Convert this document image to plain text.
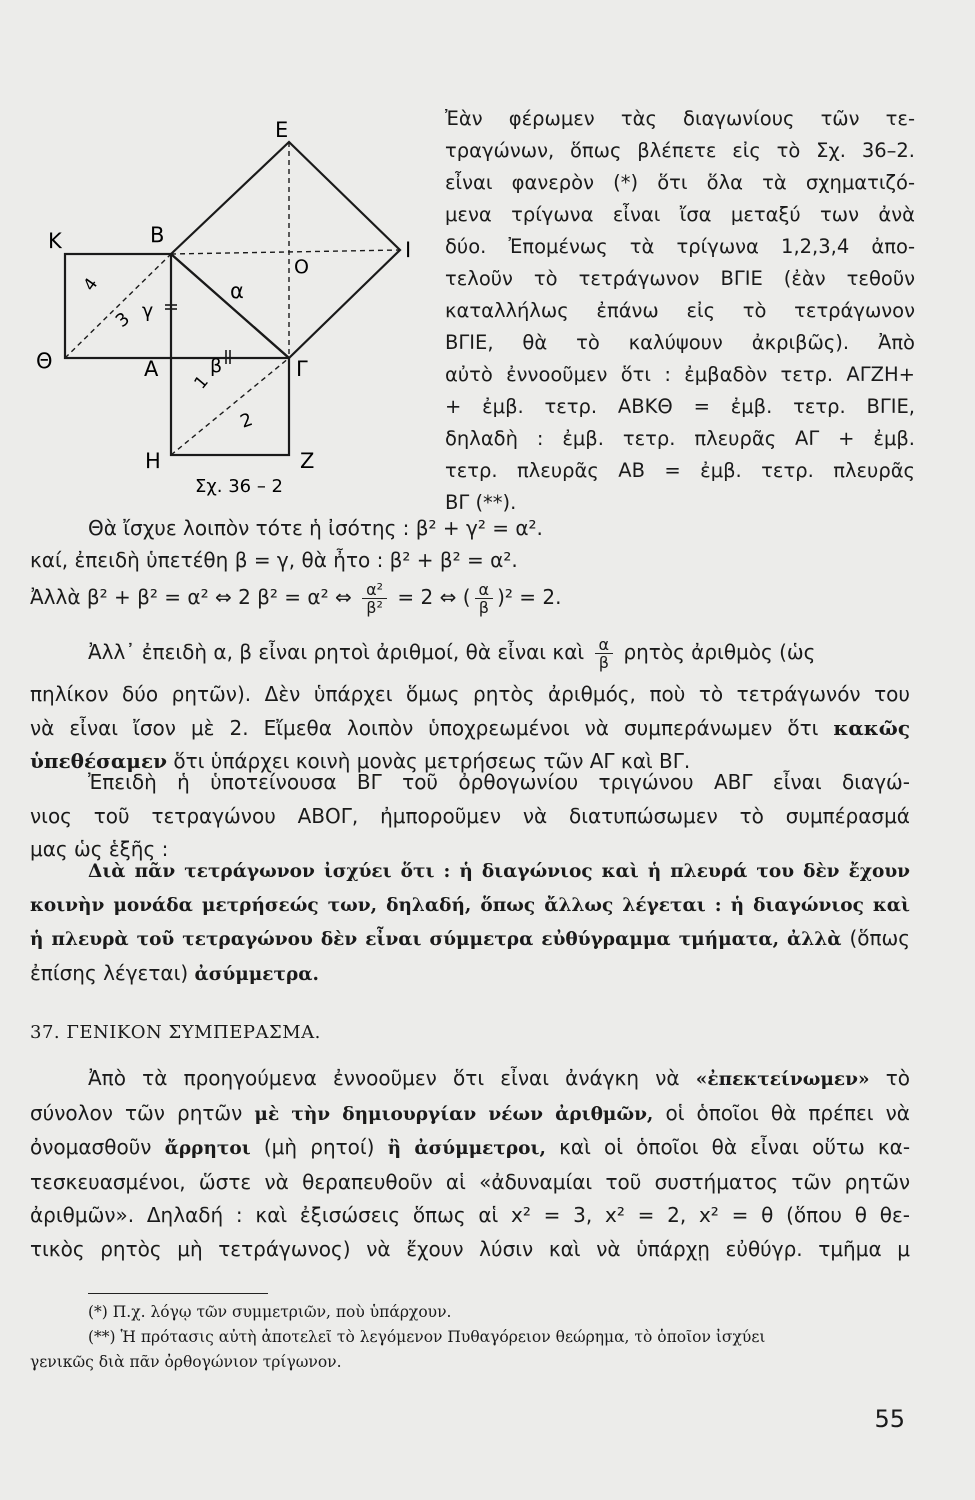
Ε
Κ	Β
Ι
Ο
α
Θ	Α	β	Γ
γ
Η	Ζ
1
2
3
4
Σχ. 36 – 2
Ἐὰν φέρωμεν τὰς διαγωνίους τῶν τε-
τραγώνων, ὅπως βλέπετε εἰς τὸ Σχ. 36–2.
εἶναι φανερὸν (*) ὅτι ὅλα τὰ σχηματιζό-
μενα τρίγωνα εἶναι ἴσα μεταξύ των ἀνὰ
δύο. Ἐπομένως τὰ τρίγωνα 1,2,3,4 ἀπο-
τελοῦν τὸ τετράγωνον ΒΓΙΕ (ἐὰν τεθοῦν
καταλλήλως ἐπάνω εἰς τὸ τετράγωνον
ΒΓΙΕ, θὰ τὸ καλύψουν ἀκριβῶς). Ἀπὸ
αὐτὸ ἐννοοῦμεν ὅτι : ἐμβαδὸν τετρ. ΑΓΖΗ+
+ ἐμβ. τετρ. ΑΒΚΘ = ἐμβ. τετρ. ΒΓΙΕ,
δηλαδὴ : ἐμβ. τετρ. πλευρᾶς ΑΓ + ἐμβ.
τετρ. πλευρᾶς ΑΒ = ἐμβ. τετρ. πλευρᾶς
ΒΓ (**).
Θὰ ἴσχυε λοιπὸν τότε ἡ ἰσότης : β² + γ² = α².
καί, ἐπειδὴ ὑπετέθη β = γ, θὰ ἦτο : β² + β² = α².
Ἀλλὰ β² + β² = α² ⇔ 2 β² = α² ⇔ $\frac{\text{α²}}{\text{β²}} = 2$ ⇔ ( $\frac{\alpha}{\beta} )^2 = 2$.
Ἀλλ᾽ ἐπειδὴ α, β εἶναι ρητοὶ ἀριθμοί, θὰ εἶναι καὶ $\frac{\alpha}{\beta}$ ρητὸς ἀριθμὸς (ὡς
πηλίκον δύο ρητῶν). Δὲν ὑπάρχει ὅμως ρητὸς ἀριθμός, ποὺ τὸ τετράγωνόν του
νὰ εἶναι ἴσον μὲ 2. Εἴμεθα λοιπὸν ὑποχρεωμένοι νὰ συμπεράνωμεν ὅτι κακῶς
ὑπεθέσαμεν ὅτι ὑπάρχει κοινὴ μονὰς μετρήσεως τῶν ΑΓ καὶ ΒΓ.
Ἐπειδὴ ἡ ὑποτείνουσα ΒΓ τοῦ ὀρθογωνίου τριγώνου ΑΒΓ εἶναι διαγώ-
νιος τοῦ τετραγώνου ΑΒΟΓ, ἠμποροῦμεν νὰ διατυπώσωμεν τὸ συμπέρασμά
μας ὡς ἑξῆς :
Διὰ πᾶν τετράγωνον ἰσχύει ὅτι : ἡ διαγώνιος καὶ ἡ πλευρά του δὲν ἔχουν
κοινὴν μονάδα μετρήσεώς των, δηλαδή, ὅπως ἄλλως λέγεται : ἡ διαγώνιος καὶ
ἡ πλευρὰ τοῦ τετραγώνου δὲν εἶναι σύμμετρα εὐθύγραμμα τμήματα, ἀλλὰ (ὅπως
ἐπίσης λέγεται) ἀσύμμετρα.
37. ΓΕΝΙΚΟΝ ΣΥΜΠΕΡΑΣΜΑ.
Ἀπὸ τὰ προηγούμενα ἐννοοῦμεν ὅτι εἶναι ἀνάγκη νὰ «ἐπεκτείνωμεν» τὸ
σύνολον τῶν ρητῶν μὲ τὴν δημιουργίαν νέων ἀριθμῶν, οἱ ὁποῖοι θὰ πρέπει νὰ
ὀνομασθοῦν ἄρρητοι (μὴ ρητοί) ἢ ἀσύμμετροι, καὶ οἱ ὁποῖοι θὰ εἶναι οὕτω κα-
τεσκευασμένοι, ὥστε νὰ θεραπευθοῦν αἱ «ἀδυναμίαι τοῦ συστήματος τῶν ρητῶν
ἀριθμῶν». Δηλαδή : καὶ ἐξισώσεις ὅπως αἱ x² = 3, x² = 2, x² = θ (ὅπου θ θε-
τικὸς ρητὸς μὴ τετράγωνος) νὰ ἔχουν λύσιν καὶ νὰ ὑπάρχῃ εὐθύγρ. τμῆμα μ
(*) Π.χ. λόγῳ τῶν συμμετριῶν, ποὺ ὑπάρχουν.
(**) Ἡ πρότασις αὐτὴ ἀποτελεῖ τὸ λεγόμενον Πυθαγόρειον θεώρημα, τὸ ὁποῖον ἰσχύει
γενικῶς διὰ πᾶν ὀρθογώνιον τρίγωνον.
55
